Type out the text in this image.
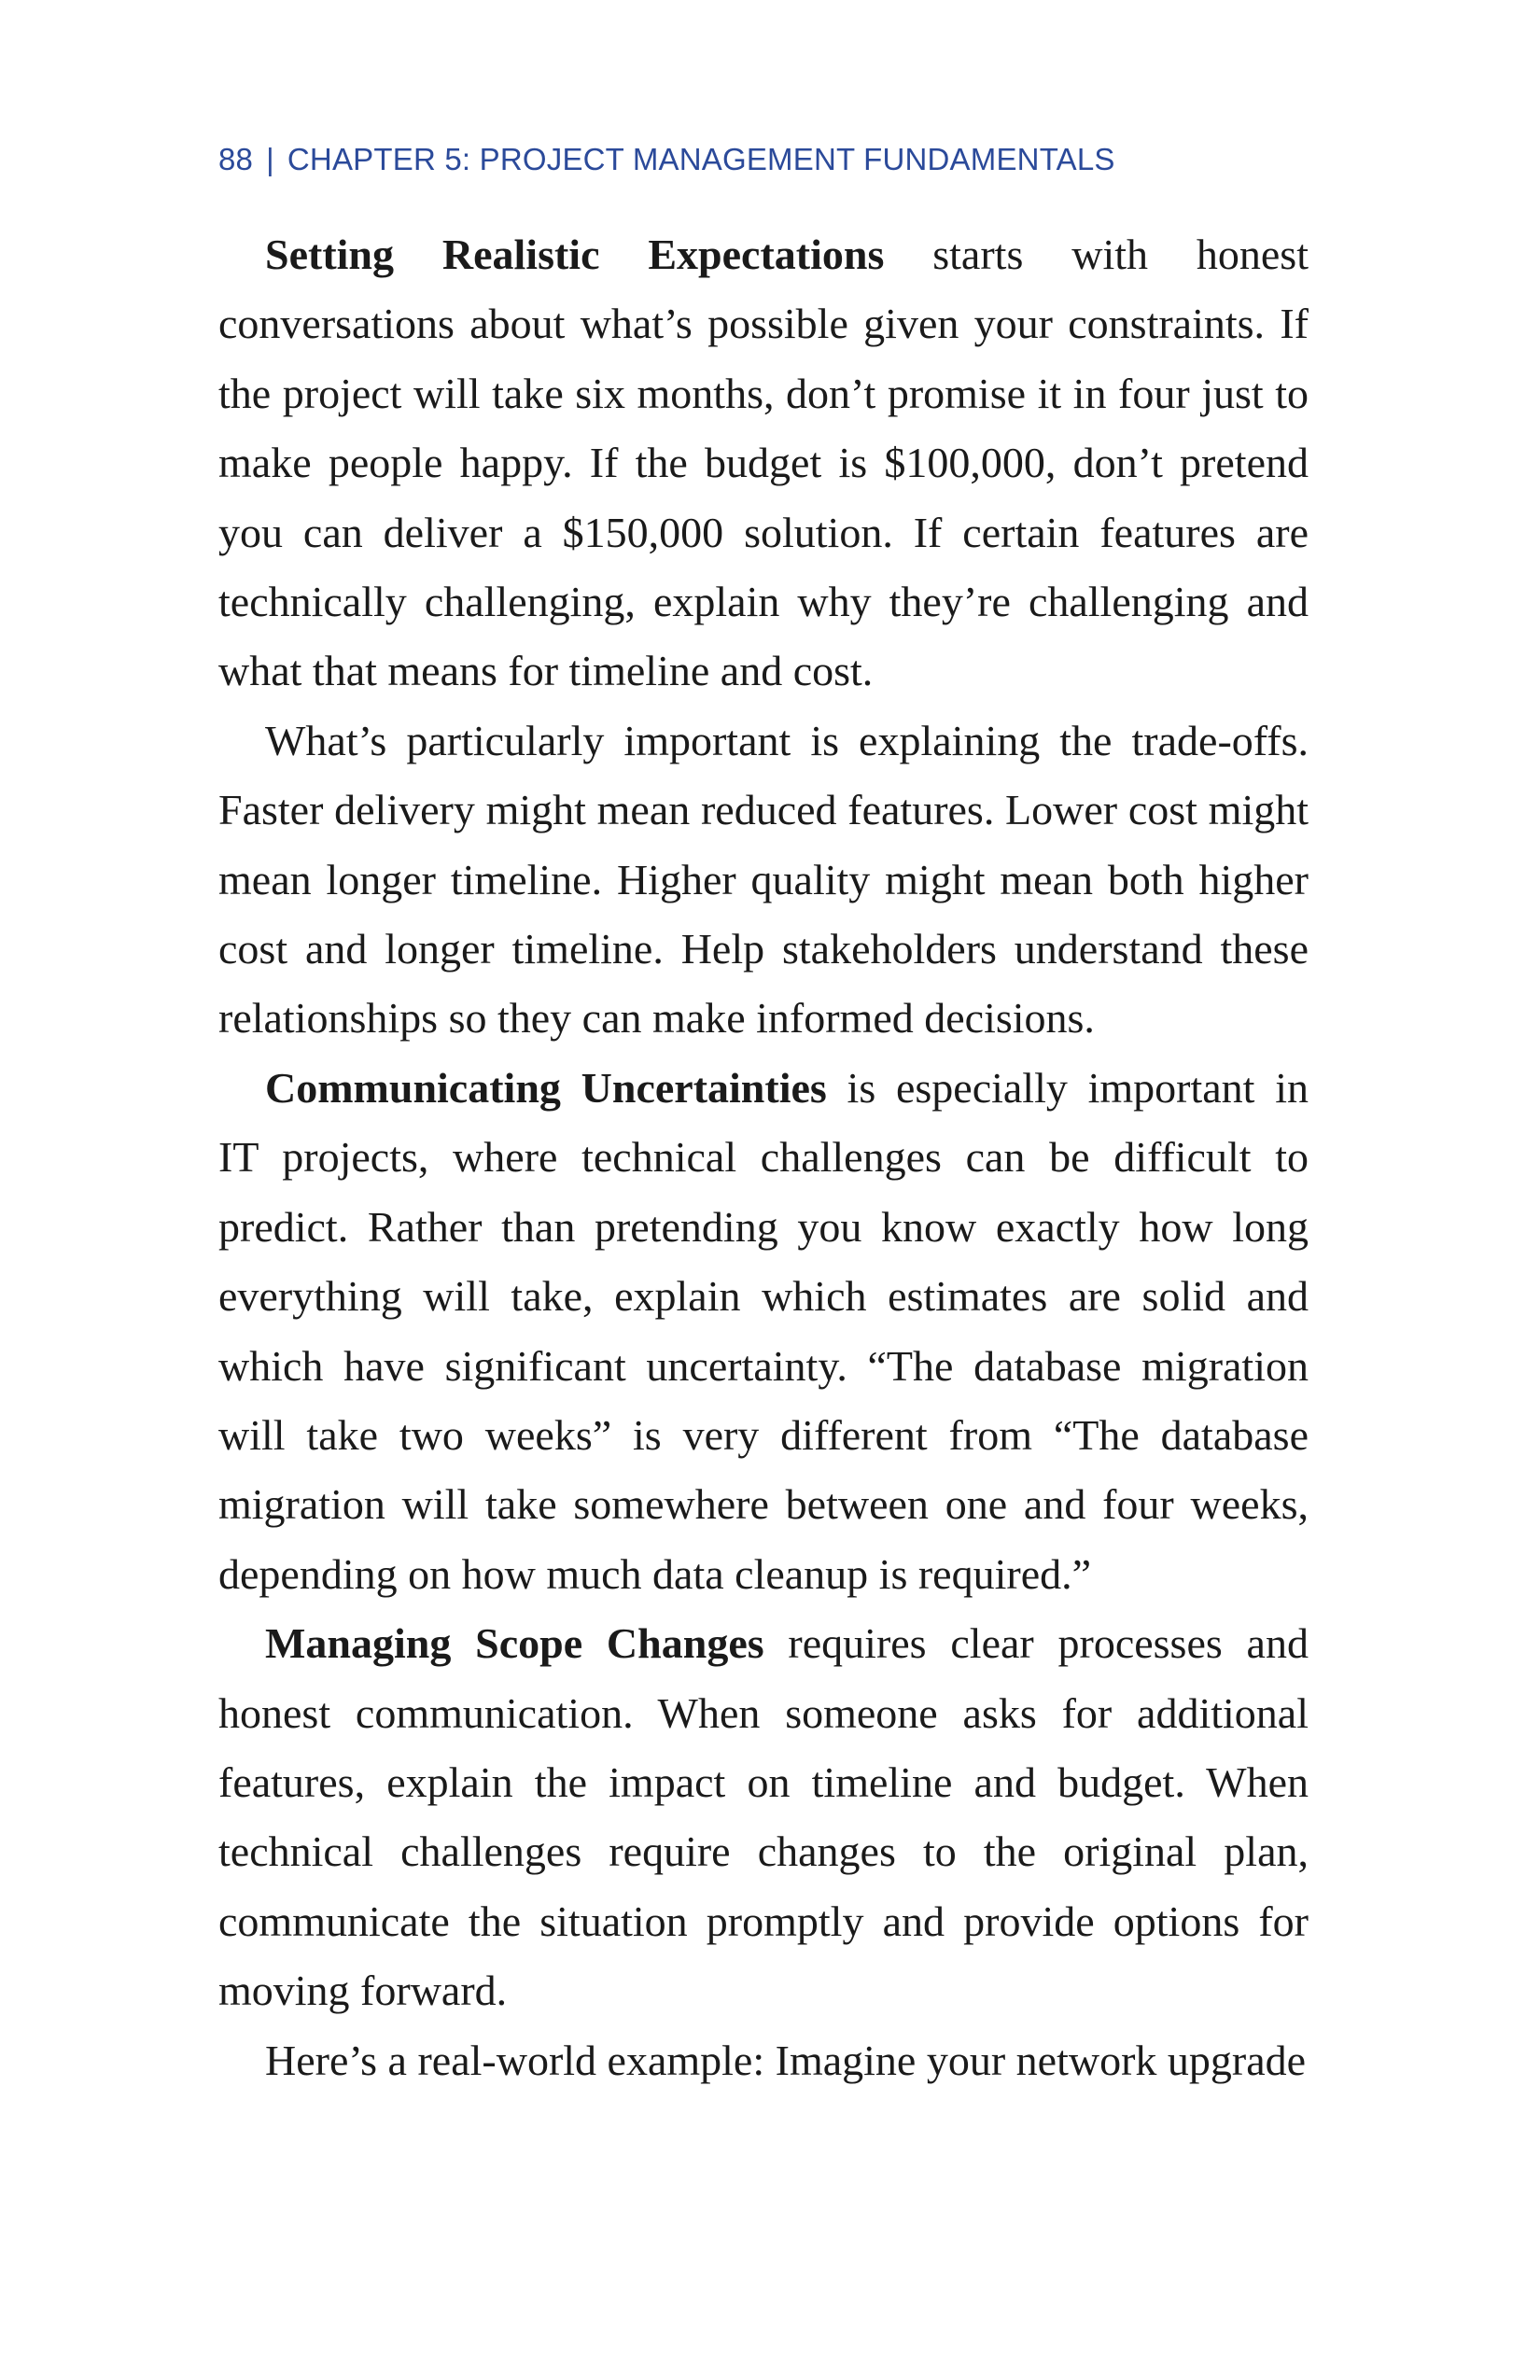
88 | CHAPTER 5: PROJECT MANAGEMENT FUNDAMENTALS

Setting Realistic Expectations starts with honest conversations about what’s possible given your constraints. If the project will take six months, don’t promise it in four just to make people happy. If the budget is $100,000, don’t pretend you can deliver a $150,000 solution. If certain features are technically challenging, explain why they’re challenging and what that means for timeline and cost.

What’s particularly important is explaining the trade-offs. Faster delivery might mean reduced features. Lower cost might mean longer timeline. Higher quality might mean both higher cost and longer timeline. Help stakeholders understand these relationships so they can make informed decisions.

Communicating Uncertainties is especially important in IT projects, where technical challenges can be difficult to predict. Rather than pretending you know exactly how long everything will take, explain which estimates are solid and which have significant uncertainty. “The database migration will take two weeks” is very different from “The database migration will take somewhere between one and four weeks, depending on how much data cleanup is required.”

Managing Scope Changes requires clear processes and honest communication. When someone asks for additional features, explain the impact on timeline and budget. When technical challenges require changes to the original plan, communicate the situation promptly and provide options for moving forward.

Here’s a real-world example: Imagine your network upgrade
